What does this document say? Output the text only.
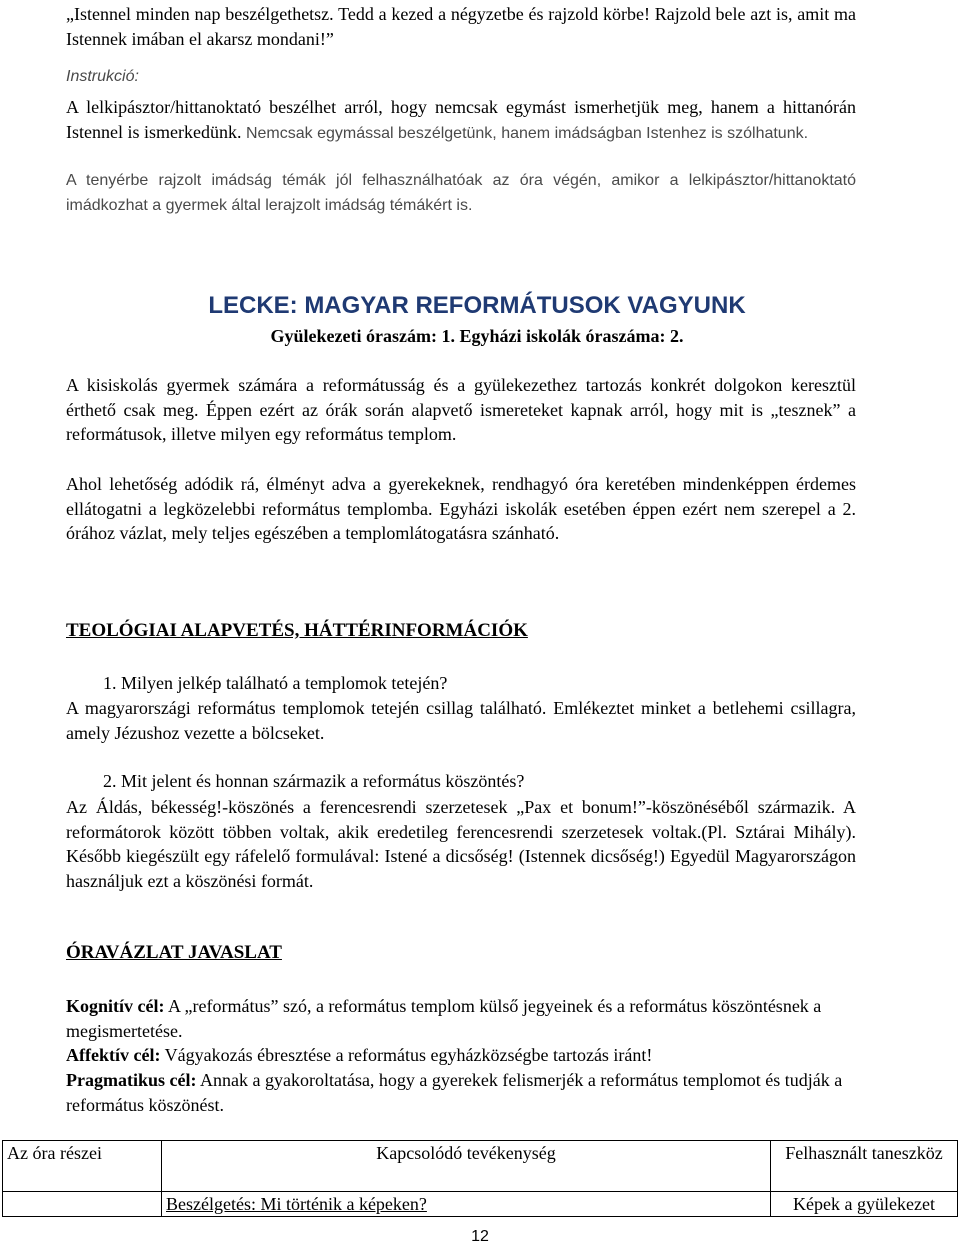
„Istennel minden nap beszélgethetsz. Tedd a kezed a négyzetbe és rajzold körbe! Rajzold bele azt is, amit ma Istennek imában el akarsz mondani!”

Instrukció:

A lelkipásztor/hittanoktató beszélhet arról, hogy nemcsak egymást ismerhetjük meg, hanem a hittanórán Istennel is ismerkedünk. Nemcsak egymással beszélgetünk, hanem imádságban Istenhez is szólhatunk.

A tenyérbe rajzolt imádság témák jól felhasználhatóak az óra végén, amikor a lelkipásztor/hittanoktató imádkozhat a gyermek által lerajzolt imádság témákért is.

LECKE: MAGYAR REFORMÁTUSOK VAGYUNK

Gyülekezeti óraszám: 1. Egyházi iskolák óraszáma: 2.

A kisiskolás gyermek számára a reformátusság és a gyülekezethez tartozás konkrét dolgokon keresztül érthető csak meg. Éppen ezért az órák során alapvető ismereteket kapnak arról, hogy mit is „tesznek” a reformátusok, illetve milyen egy református templom.

Ahol lehetőség adódik rá, élményt adva a gyerekeknek, rendhagyó óra keretében mindenképpen érdemes ellátogatni a legközelebbi református templomba. Egyházi iskolák esetében éppen ezért nem szerepel a 2. órához vázlat, mely teljes egészében a templomlátogatásra szánható.

TEOLÓGIAI ALAPVETÉS, HÁTTÉRINFORMÁCIÓK

1. Milyen jelkép található a templomok tetején?

A magyarországi református templomok tetején csillag található. Emlékeztet minket a betlehemi csillagra, amely Jézushoz vezette a bölcseket.

2. Mit jelent és honnan származik a református köszöntés?

Az Áldás, békesség!-köszönés a ferencesrendi szerzetesek „Pax et bonum!”-köszönéséből származik. A reformátorok között többen voltak, akik eredetileg ferencesrendi szerzetesek voltak.(Pl. Sztárai Mihály). Később kiegészült egy ráfelelő formulával: Istené a dicsőség! (Istennek dicsőség!) Egyedül Magyarországon használjuk ezt a köszönési formát.

ÓRAVÁZLAT JAVASLAT

Kognitív cél: A „református” szó, a református templom külső jegyeinek és a református köszöntésnek a megismertetése.

Affektív cél: Vágyakozás ébresztése a református egyházközségbe tartozás iránt!

Pragmatikus cél: Annak a gyakoroltatása, hogy a gyerekek felismerjék a református templomot és tudják a református köszönést.

Az óra részei	Kapcsolódó tevékenység	Felhasznált taneszköz
	Beszélgetés: Mi történik a képeken?	Képek a gyülekezet
12
